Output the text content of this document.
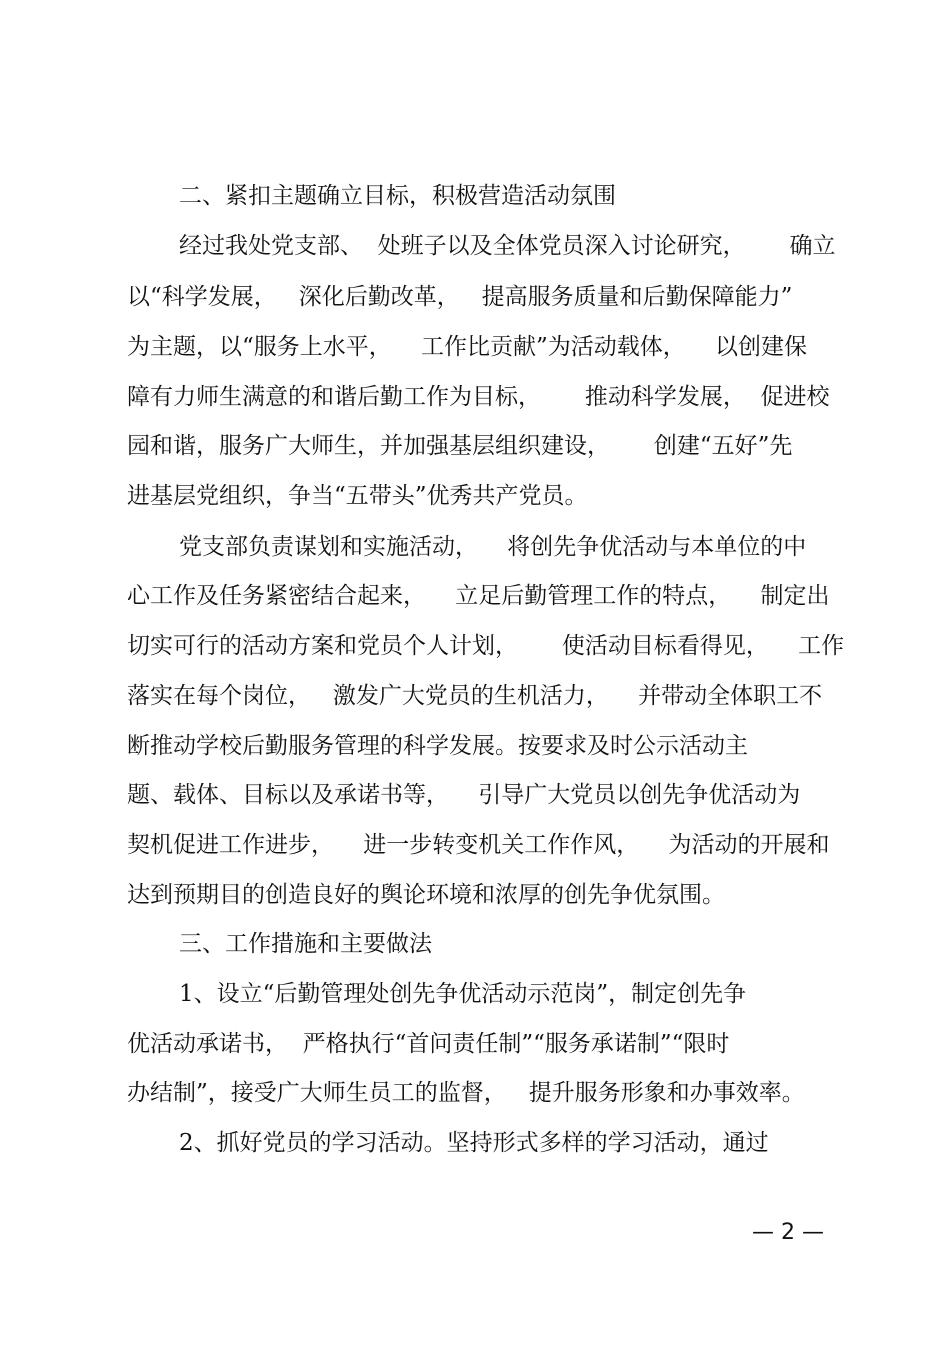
二、紧扣主题确立目标，积极营造活动氛围
经过我处党支部、  处班子以及全体党员深入讨论研究，      确立
以“科学发展，   深化后勤改革，   提高服务质量和后勤保障能力”
为主题，以“服务上水平，    工作比贡献”为活动载体，    以创建保
障有力师生满意的和谐后勤工作为目标，      推动科学发展，  促进校
园和谐，服务广大师生，并加强基层组织建设，      创建“五好”先
进基层党组织，争当“五带头”优秀共产党员。
党支部负责谋划和实施活动，    将创先争优活动与本单位的中
心工作及任务紧密结合起来，    立足后勤管理工作的特点，    制定出
切实可行的活动方案和党员个人计划，      使活动目标看得见，    工作
落实在每个岗位，   激发广大党员的生机活力，    并带动全体职工不
断推动学校后勤服务管理的科学发展。按要求及时公示活动主
题、载体、目标以及承诺书等，    引导广大党员以创先争优活动为
契机促进工作进步，    进一步转变机关工作作风，    为活动的开展和
达到预期目的创造良好的舆论环境和浓厚的创先争优氛围。
三、工作措施和主要做法
1、设立“后勤管理处创先争优活动示范岗”，制定创先争
优活动承诺书，  严格执行“首问责任制”“服务承诺制”“限时
办结制”，接受广大师生员工的监督，   提升服务形象和办事效率。
2、抓好党员的学习活动。坚持形式多样的学习活动，通过
— 2 —
